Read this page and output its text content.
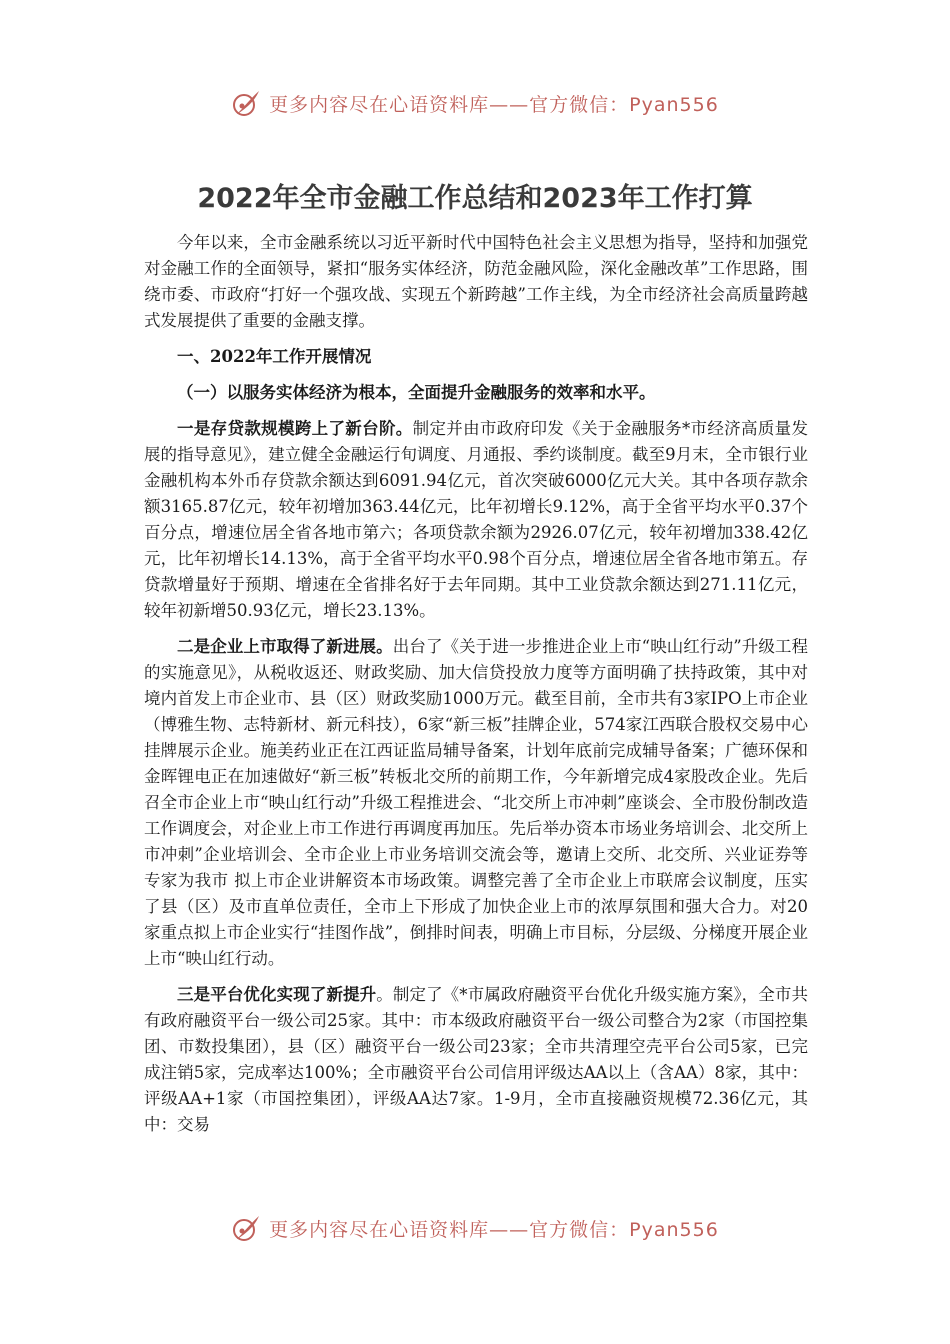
更多内容尽在心语资料库——官方微信：Pyan556
2022年全市金融工作总结和2023年工作打算

今年以来，全市金融系统以习近平新时代中国特色社会主义思想为指导，坚持和加强党对金融工作的全面领导，紧扣“服务实体经济，防范金融风险，深化金融改革”工作思路，围绕市委、市政府“打好一个强攻战、实现五个新跨越”工作主线，为全市经济社会高质量跨越式发展提供了重要的金融支撑。

一、2022年工作开展情况

（一）以服务实体经济为根本，全面提升金融服务的效率和水平。

一是存贷款规模跨上了新台阶。制定并由市政府印发《关于金融服务*市经济高质量发展的指导意见》，建立健全金融运行旬调度、月通报、季约谈制度。截至9月末，全市银行业金融机构本外币存贷款余额达到6091.94亿元，首次突破6000亿元大关。其中各项存款余额3165.87亿元，较年初增加363.44亿元，比年初增长9.12%，高于全省平均水平0.37个百分点，增速位居全省各地市第六；各项贷款余额为2926.07亿元，较年初增加338.42亿元，比年初增长14.13%，高于全省平均水平0.98个百分点，增速位居全省各地市第五。存贷款增量好于预期、增速在全省排名好于去年同期。其中工业贷款余额达到271.11亿元，较年初新增50.93亿元，增长23.13%。

二是企业上市取得了新进展。出台了《关于进一步推进企业上市“映山红行动”升级工程的实施意见》，从税收返还、财政奖励、加大信贷投放力度等方面明确了扶持政策，其中对境内首发上市企业市、县（区）财政奖励1000万元。截至目前，全市共有3家IPO上市企业（博雅生物、志特新材、新元科技），6家“新三板”挂牌企业，574家江西联合股权交易中心挂牌展示企业。施美药业正在江西证监局辅导备案，计划年底前完成辅导备案；广德环保和金晖锂电正在加速做好“新三板”转板北交所的前期工作，今年新增完成4家股改企业。先后召全市企业上市“映山红行动”升级工程推进会、“北交所上市冲刺”座谈会、全市股份制改造工作调度会，对企业上市工作进行再调度再加压。先后举办资本市场业务培训会、北交所上市冲刺”企业培训会、全市企业上市业务培训交流会等，邀请上交所、北交所、兴业证券等专家为我市 拟上市企业讲解资本市场政策。调整完善了全市企业上市联席会议制度，压实了县（区）及市直单位责任，全市上下形成了加快企业上市的浓厚氛围和强大合力。对20家重点拟上市企业实行“挂图作战”，倒排时间表，明确上市目标，分层级、分梯度开展企业上市“映山红行动。

三是平台优化实现了新提升。制定了《*市属政府融资平台优化升级实施方案》，全市共有政府融资平台一级公司25家。其中：市本级政府融资平台一级公司整合为2家（市国控集团、市数投集团），县（区）融资平台一级公司23家；全市共清理空壳平台公司5家，已完成注销5家，完成率达100%；全市融资平台公司信用评级达AA以上（含AA）8家，其中：评级AA+1家（市国控集团），评级AA达7家。1-9月，全市直接融资规模72.36亿元，其中：交易

更多内容尽在心语资料库——官方微信：Pyan556
